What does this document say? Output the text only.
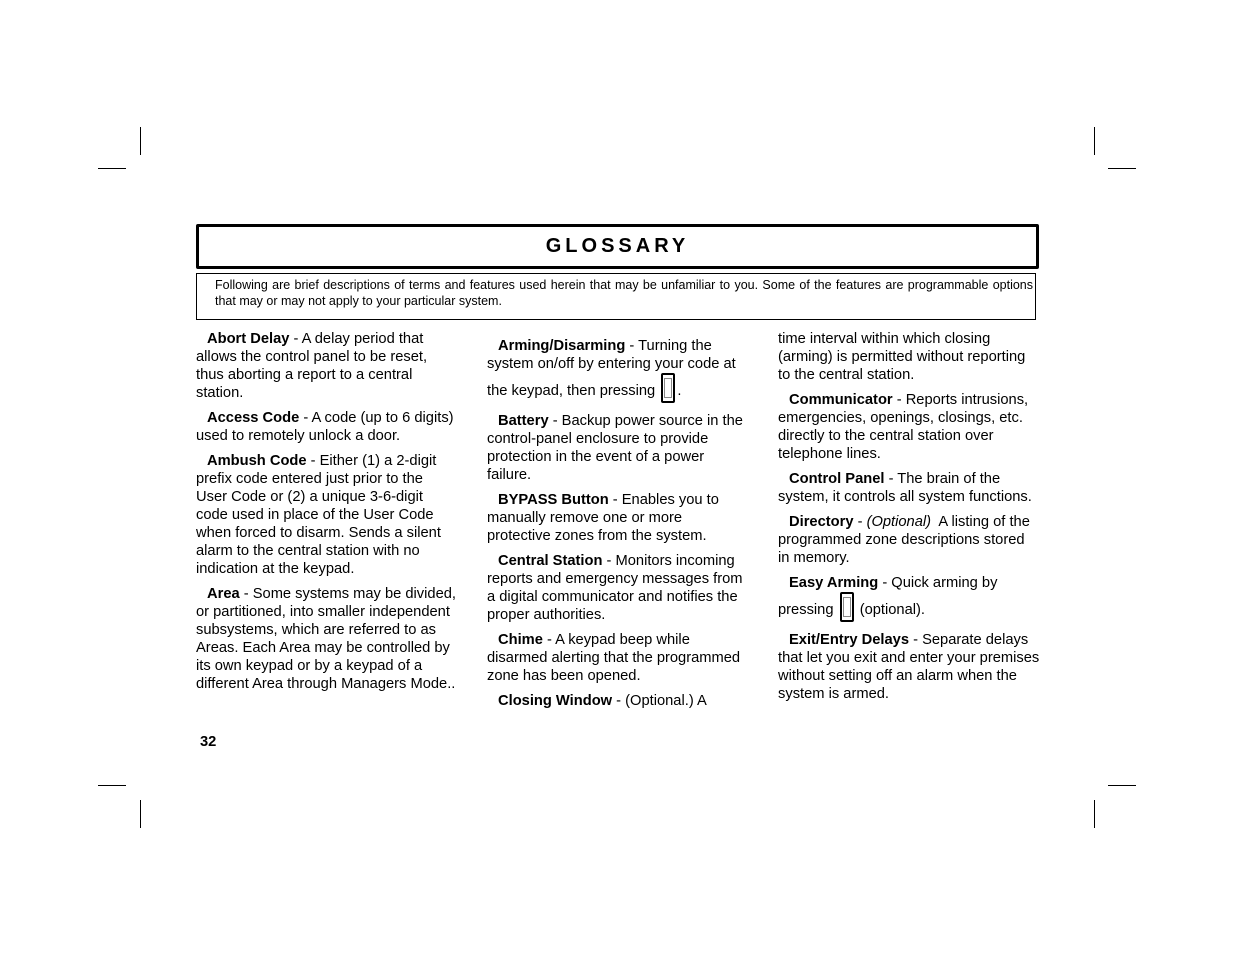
GLOSSARY
Following are brief descriptions of terms and features used herein that may be unfamiliar to you. Some of the features are programmable options that may or may not apply to your particular system.

Abort Delay - A delay period that allows the control panel to be reset, thus aborting a report to a central station.

Access Code - A code (up to 6 digits) used to remotely unlock a door.

Ambush Code - Either (1) a 2-digit prefix code entered just prior to the User Code or (2) a unique 3-6-digit code used in place of the User Code when forced to disarm. Sends a silent alarm to the central station with no indication at the keypad.

Area - Some systems may be divided, or partitioned, into smaller independent subsystems, which are referred to as Areas. Each Area may be controlled by its own keypad or by a keypad of a different Area through Managers Mode..

Arming/Disarming - Turning the system on/off by entering your code at the keypad, then pressing .

Battery - Backup power source in the control-panel enclosure to provide protection in the event of a power failure.

BYPASS Button - Enables you to manually remove one or more protective zones from the system.

Central Station - Monitors incoming reports and emergency messages from a digital communicator and notifies the proper authorities.

Chime - A keypad beep while disarmed alerting that the programmed zone has been opened.

Closing Window - (Optional.) A

time interval within which closing (arming) is permitted without reporting to the central station.

Communicator - Reports intrusions, emergencies, openings, closings, etc. directly to the central station over telephone lines.

Control Panel - The brain of the system, it controls all system functions.

Directory - (Optional)  A listing of the programmed zone descriptions stored in memory.

Easy Arming - Quick arming by pressing  (optional).

Exit/Entry Delays - Separate delays that let you exit and enter your premises without setting off an alarm when the system is armed.

32
